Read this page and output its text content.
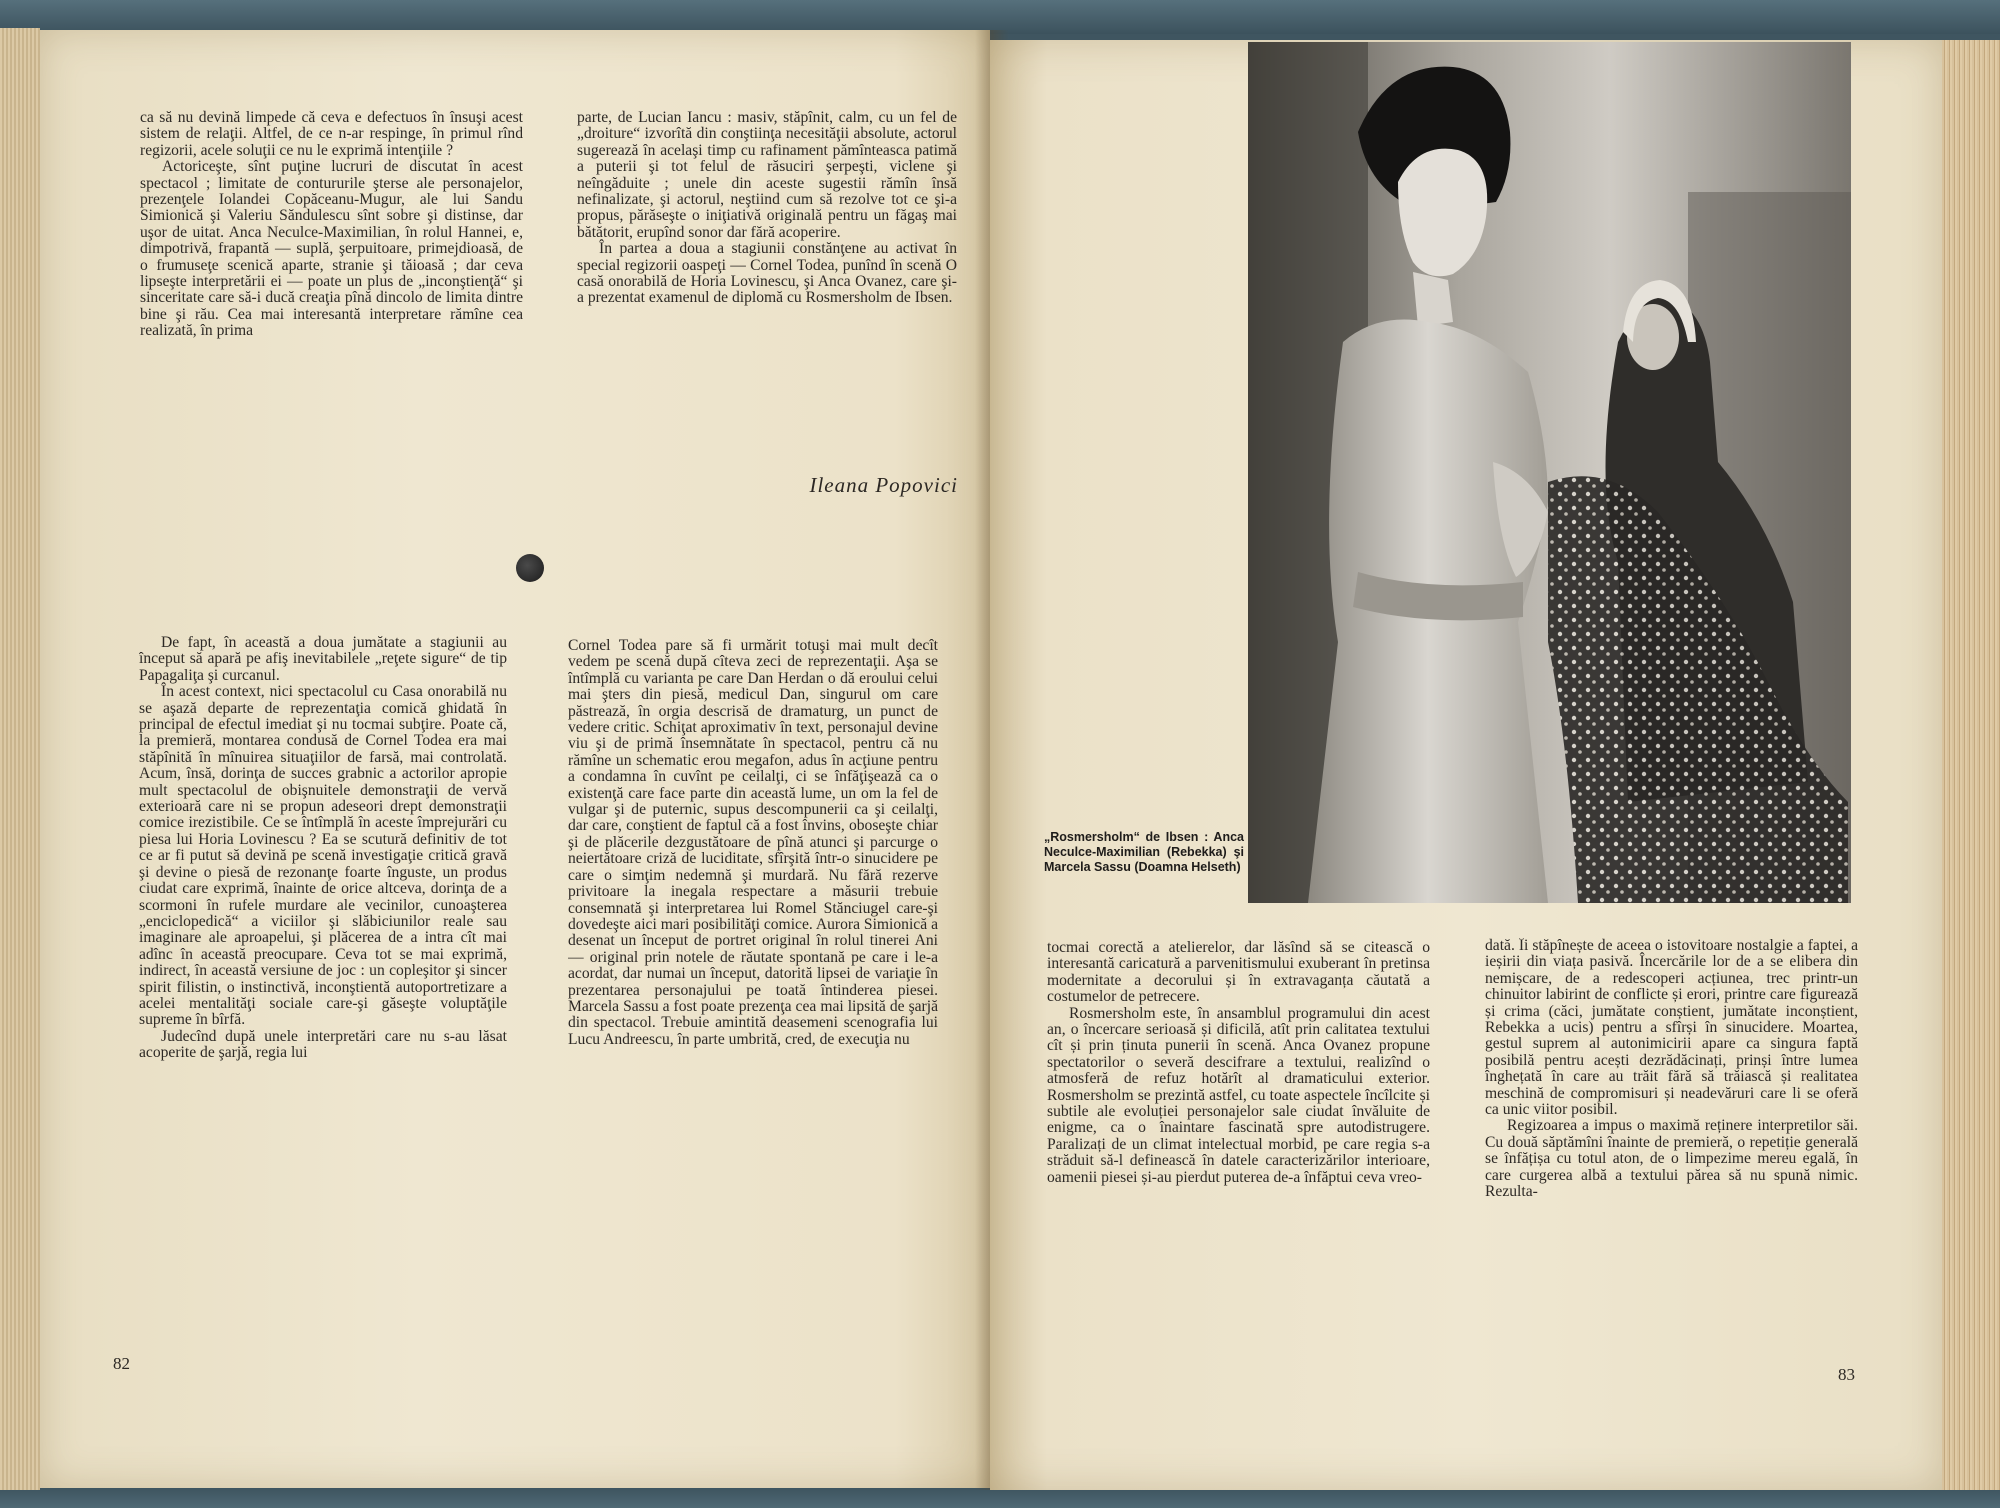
ca să nu devină limpede că ceva e defectuos în însuşi acest sistem de relaţii. Altfel, de ce n-ar respinge, în primul rînd regizorii, acele soluţii ce nu le exprimă intenţiile ?

Actoriceşte, sînt puţine lucruri de discutat în acest spectacol ; limitate de contururile şterse ale personajelor, prezenţele Iolandei Copăceanu-Mugur, ale lui Sandu Simionică şi Valeriu Săndulescu sînt sobre şi distinse, dar uşor de uitat. Anca Neculce-Maximilian, în rolul Hannei, e, dimpotrivă, frapantă — suplă, şerpuitoare, primejdioasă, de o frumuseţe scenică aparte, stranie şi tăioasă ; dar ceva lipseşte interpretării ei — poate un plus de „inconştienţă“ şi sinceritate care să-i ducă creaţia pînă dincolo de limita dintre bine şi rău. Cea mai interesantă interpretare rămîne cea realizată, în prima

parte, de Lucian Iancu : masiv, stăpînit, calm, cu un fel de „droiture“ izvorîtă din conştiinţa necesităţii absolute, actorul sugerează în acelaşi timp cu rafinament pămînteasca patimă a puterii şi tot felul de răsuciri şerpeşti, viclene şi neîngăduite ; unele din aceste sugestii rămîn însă nefinalizate, şi actorul, neştiind cum să rezolve tot ce şi-a propus, părăseşte o iniţiativă originală pentru un făgaş mai bătătorit, erupînd sonor dar fără acoperire.

În partea a doua a stagiunii constănţene au activat în special regizorii oaspeţi — Cornel Todea, punînd în scenă O casă onorabilă de Horia Lovinescu, şi Anca Ovanez, care şi-a prezentat examenul de diplomă cu Rosmersholm de Ibsen.

Ileana Popovici

De fapt, în această a doua jumătate a stagiunii au început să apară pe afiş inevitabilele „reţete sigure“ de tip Papagaliţa şi curcanul.

În acest context, nici spectacolul cu Casa onorabilă nu se aşază departe de reprezentaţia comică ghidată în principal de efectul imediat şi nu tocmai subţire. Poate că, la premieră, montarea condusă de Cornel Todea era mai stăpînită în mînuirea situaţiilor de farsă, mai controlată. Acum, însă, dorinţa de succes grabnic a actorilor apropie mult spectacolul de obişnuitele demonstraţii de vervă exterioară care ni se propun adeseori drept demonstraţii comice irezistibile. Ce se întîmplă în aceste împrejurări cu piesa lui Horia Lovinescu ? Ea se scutură definitiv de tot ce ar fi putut să devină pe scenă investigaţie critică gravă şi devine o piesă de rezonanţe foarte înguste, un produs ciudat care exprimă, înainte de orice altceva, dorinţa de a scormoni în rufele murdare ale vecinilor, cunoaşterea „enciclopedică“ a viciilor şi slăbiciunilor reale sau imaginare ale aproapelui, şi plăcerea de a intra cît mai adînc în această preocupare. Ceva tot se mai exprimă, indirect, în această versiune de joc : un copleşitor şi sincer spirit filistin, o instinctivă, inconştientă autoportretizare a acelei mentalităţi sociale care-şi găseşte voluptăţile supreme în bîrfă.

Judecînd după unele interpretări care nu s-au lăsat acoperite de şarjă, regia lui

Cornel Todea pare să fi urmărit totuşi mai mult decît vedem pe scenă după cîteva zeci de reprezentaţii. Aşa se întîmplă cu varianta pe care Dan Herdan o dă eroului celui mai şters din piesă, medicul Dan, singurul om care păstrează, în orgia descrisă de dramaturg, un punct de vedere critic. Schiţat aproximativ în text, personajul devine viu şi de primă însemnătate în spectacol, pentru că nu rămîne un schematic erou megafon, adus în acţiune pentru a condamna în cuvînt pe ceilalţi, ci se înfăţişează ca o existenţă care face parte din această lume, un om la fel de vulgar şi de puternic, supus descompunerii ca şi ceilalţi, dar care, conştient de faptul că a fost învins, oboseşte chiar şi de plăcerile dezgustătoare de pînă atunci şi parcurge o neiertătoare criză de luciditate, sfîrşită într-o sinucidere pe care o simţim nedemnă şi murdară. Nu fără rezerve privitoare la inegala respectare a măsurii trebuie consemnată şi interpretarea lui Romel Stănciugel care-şi dovedeşte aici mari posibilităţi comice. Aurora Simionică a desenat un început de portret original în rolul tinerei Ani — original prin notele de răutate spontană pe care i le-a acordat, dar numai un început, datorită lipsei de variaţie în prezentarea personajului pe toată întinderea piesei. Marcela Sassu a fost poate prezenţa cea mai lipsită de şarjă din spectacol. Trebuie amintită deasemeni scenografia lui Lucu Andreescu, în parte umbrită, cred, de execuţia nu

82

„Rosmersholm“ de Ibsen : Anca Neculce-Maximilian (Rebekka) şi Marcela Sassu (Doamna Helseth)

tocmai corectă a atelierelor, dar lăsînd să se citească o interesantă caricatură a parvenitismului exuberant în pretinsa modernitate a decorului și în extravaganța căutată a costumelor de petrecere.

Rosmersholm este, în ansamblul programului din acest an, o încercare serioasă și dificilă, atît prin calitatea textului cît și prin ținuta punerii în scenă. Anca Ovanez propune spectatorilor o severă descifrare a textului, realizînd o atmosferă de refuz hotărît al dramaticului exterior. Rosmersholm se prezintă astfel, cu toate aspectele încîlcite și subtile ale evoluției personajelor sale ciudat învăluite de enigme, ca o înaintare fascinată spre autodistrugere. Paralizați de un climat intelectual morbid, pe care regia s-a străduit să-l definească în datele caracterizărilor interioare, oamenii piesei și-au pierdut puterea de-a înfăptui ceva vreo-

dată. Îi stăpînește de aceea o istovitoare nostalgie a faptei, a ieșirii din viața pasivă. Încercările lor de a se elibera din nemișcare, de a redescoperi acțiunea, trec printr-un chinuitor labirint de conflicte și erori, printre care figurează și crima (căci, jumătate conștient, jumătate inconștient, Rebekka a ucis) pentru a sfîrși în sinucidere. Moartea, gestul suprem al autonimicirii apare ca singura faptă posibilă pentru acești dezrădăcinați, prinși între lumea înghețată în care au trăit fără să trăiască și realitatea meschină de compromisuri și neadevăruri care li se oferă ca unic viitor posibil.

Regizoarea a impus o maximă reținere interpretilor săi. Cu două săptămîni înainte de premieră, o repetiție generală se înfățișa cu totul aton, de o limpezime mereu egală, în care curgerea albă a textului părea să nu spună nimic. Rezulta-

83
